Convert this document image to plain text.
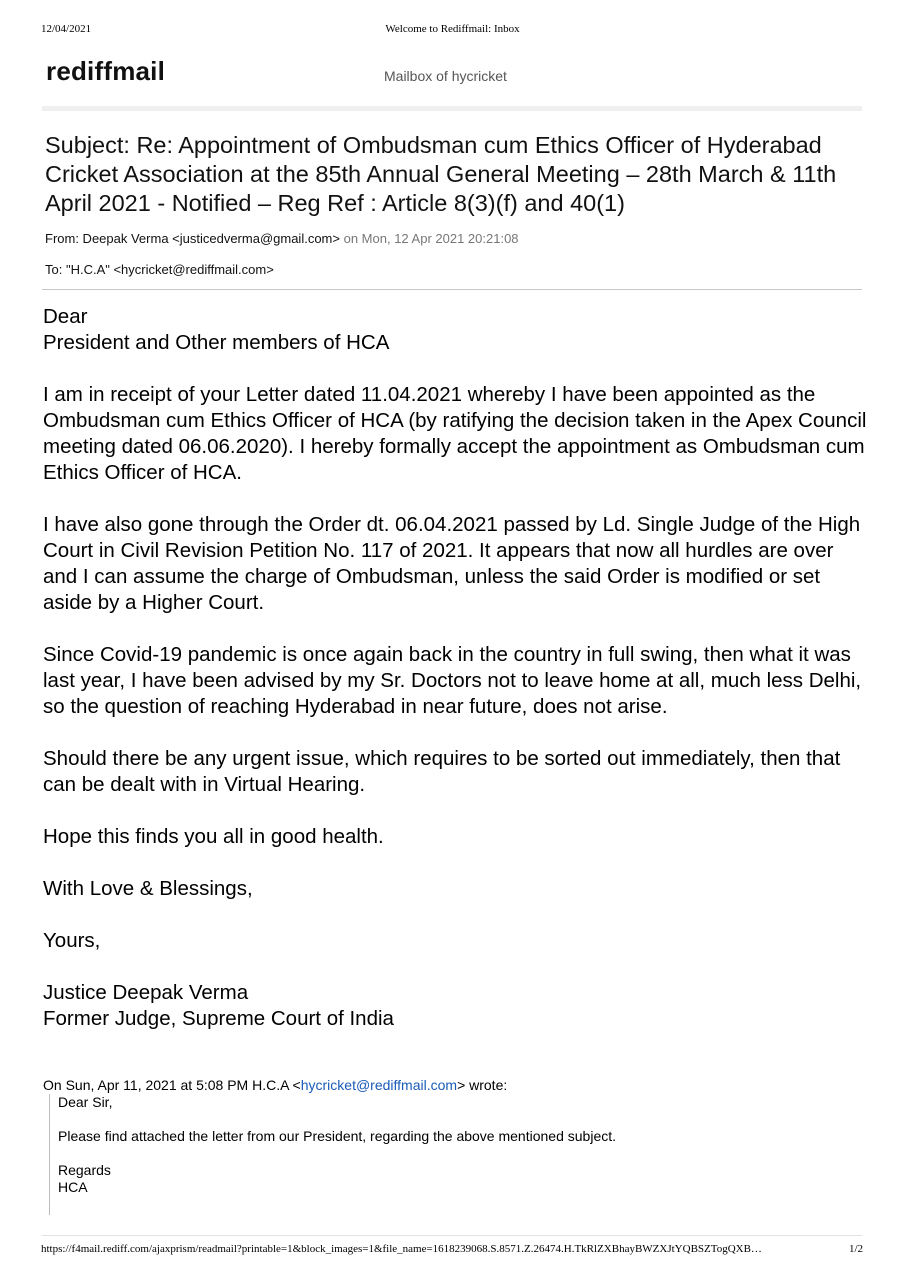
12/04/2021	Welcome to Rediffmail: Inbox
rediffmail	Mailbox of hycricket
Subject: Re: Appointment of Ombudsman cum Ethics Officer of Hyderabad Cricket Association at the 85th Annual General Meeting – 28th March & 11th April 2021 - Notified – Reg Ref : Article 8(3)(f) and 40(1)
From: Deepak Verma <justicedverma@gmail.com> on Mon, 12 Apr 2021 20:21:08
To: "H.C.A" <hycricket@rediffmail.com>

Dear
President and Other members of HCA

I am in receipt of your Letter dated 11.04.2021 whereby I have been appointed as the Ombudsman cum Ethics Officer of HCA (by ratifying the decision taken in the Apex Council meeting dated 06.06.2020). I hereby formally accept the appointment as Ombudsman cum Ethics Officer of HCA.

I have also gone through the Order dt. 06.04.2021 passed by Ld. Single Judge of the High Court in Civil Revision Petition No. 117 of 2021. It appears that now all hurdles are over and I can assume the charge of Ombudsman, unless the said Order is modified or set aside by a Higher Court.

Since Covid-19 pandemic is once again back in the country in full swing, then what it was last year, I have been advised by my Sr. Doctors not to leave home at all, much less Delhi, so the question of reaching Hyderabad in near future, does not arise.

Should there be any urgent issue, which requires to be sorted out immediately, then that can be dealt with in Virtual Hearing.

Hope this finds you all in good health.

With Love & Blessings,

Yours,

Justice Deepak Verma
Former Judge, Supreme Court of India

On Sun, Apr 11, 2021 at 5:08 PM H.C.A <hycricket@rediffmail.com> wrote:

Dear Sir,

Please find attached the letter from our President, regarding the above mentioned subject.

Regards
HCA

https://f4mail.rediff.com/ajaxprism/readmail?printable=1&block_images=1&file_name=1618239068.S.8571.Z.26474.H.TkRlZXBhayBWZXJtYQBSZTogQXB…	1/2
